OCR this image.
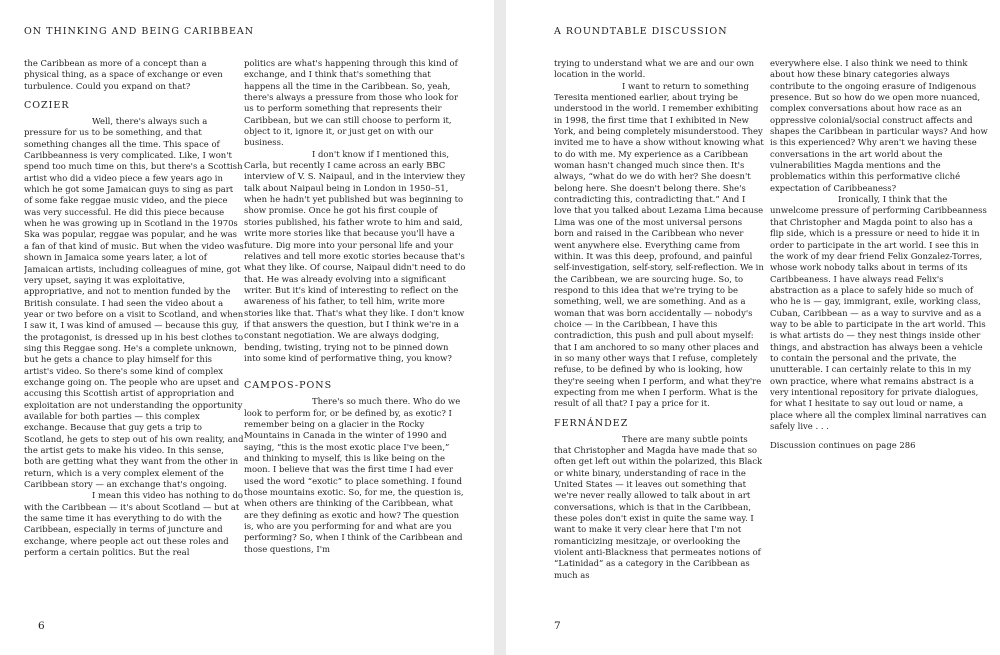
ON THINKING AND BEING CARIBBEAN

the Caribbean as more of a concept than a physical thing, as a space of exchange or even turbulence. Could you expand on that?

COZIER

Well, there's always such a pressure for us to be something, and that something changes all the time. This space of Caribbeanness is very complicated. Like, I won't spend too much time on this, but there's a Scottish artist who did a video piece a few years ago in which he got some Jamaican guys to sing as part of some fake reggae music video, and the piece was very successful. He did this piece because when he was growing up in Scotland in the 1970s Ska was popular, reggae was popular, and he was a fan of that kind of music. But when the video was shown in Jamaica some years later, a lot of Jamaican artists, including colleagues of mine, got very upset, saying it was exploitative, appropriative, and not to mention funded by the British consulate. I had seen the video about a year or two before on a visit to Scotland, and when I saw it, I was kind of amused — because this guy, the protagonist, is dressed up in his best clothes to sing this Reggae song. He's a complete unknown, but he gets a chance to play himself for this artist's video. So there's some kind of complex exchange going on. The people who are upset and accusing this Scottish artist of appropriation and exploitation are not understanding the opportunity available for both parties — this complex exchange. Because that guy gets a trip to Scotland, he gets to step out of his own reality, and the artist gets to make his video. In this sense, both are getting what they want from the other in return, which is a very complex element of the Caribbean story — an exchange that's ongoing.

I mean this video has nothing to do with the Caribbean — it's about Scotland — but at the same time it has everything to do with the Caribbean, especially in terms of juncture and exchange, where people act out these roles and perform a certain politics. But the real

politics are what's happening through this kind of exchange, and I think that's something that happens all the time in the Caribbean. So, yeah, there's always a pressure from those who look for us to perform something that represents their Caribbean, but we can still choose to perform it, object to it, ignore it, or just get on with our business.

I don't know if I mentioned this, Carla, but recently I came across an early BBC interview of V. S. Naipaul, and in the interview they talk about Naipaul being in London in 1950–51, when he hadn't yet published but was beginning to show promise. Once he got his first couple of stories published, his father wrote to him and said, write more stories like that because you'll have a future. Dig more into your personal life and your relatives and tell more exotic stories because that's what they like. Of course, Naipaul didn't need to do that. He was already evolving into a significant writer. But it's kind of interesting to reflect on the awareness of his father, to tell him, write more stories like that. That's what they like. I don't know if that answers the question, but I think we're in a constant negotiation. We are always dodging, bending, twisting, trying not to be pinned down into some kind of performative thing, you know?

CAMPOS-PONS

There's so much there. Who do we look to perform for, or be defined by, as exotic? I remember being on a glacier in the Rocky Mountains in Canada in the winter of 1990 and saying, “this is the most exotic place I've been,” and thinking to myself, this is like being on the moon. I believe that was the first time I had ever used the word “exotic” to place something. I found those mountains exotic. So, for me, the question is, when others are thinking of the Caribbean, what are they defining as exotic and how? The question is, who are you performing for and what are you performing? So, when I think of the Caribbean and those questions, I'm

6
A ROUNDTABLE DISCUSSION

trying to understand what we are and our own location in the world.

I want to return to something Teresita mentioned earlier, about trying be understood in the world. I remember exhibiting in 1998, the first time that I exhibited in New York, and being completely misunderstood. They invited me to have a show without knowing what to do with me. My experience as a Caribbean woman hasn't changed much since then. It's always, “what do we do with her? She doesn't belong here. She doesn't belong there. She's contradicting this, contradicting that.” And I love that you talked about Lezama Lima because Lima was one of the most universal persons born and raised in the Caribbean who never went anywhere else. Everything came from within. It was this deep, profound, and painful self-investigation, self-story, self-reflection. We in the Caribbean, we are sourcing huge. So, to respond to this idea that we're trying to be something, well, we are something. And as a woman that was born accidentally — nobody's choice — in the Caribbean, I have this contradiction, this push and pull about myself: that I am anchored to so many other places and in so many other ways that I refuse, completely refuse, to be defined by who is looking, how they're seeing when I perform, and what they're expecting from me when I perform. What is the result of all that? I pay a price for it.

FERNÁNDEZ

There are many subtle points that Christopher and Magda have made that so often get left out within the polarized, this Black or white binary, understanding of race in the United States — it leaves out something that we're never really allowed to talk about in art conversations, which is that in the Caribbean, these poles don't exist in quite the same way. I want to make it very clear here that I'm not romanticizing mesitzaje, or overlooking the violent anti-Blackness that permeates notions of “Latinidad” as a category in the Caribbean as much as

everywhere else. I also think we need to think about how these binary categories always contribute to the ongoing erasure of Indigenous presence. But so how do we open more nuanced, complex conversations about how race as an oppressive colonial/social construct affects and shapes the Caribbean in particular ways? And how is this experienced? Why aren't we having these conversations in the art world about the vulnerabilities Magda mentions and the problematics within this performative cliché expectation of Caribbeaness?

Ironically, I think that the unwelcome pressure of performing Caribbeanness that Christopher and Magda point to also has a flip side, which is a pressure or need to hide it in order to participate in the art world. I see this in the work of my dear friend Felix Gonzalez-Torres, whose work nobody talks about in terms of its Caribbeaness. I have always read Felix's abstraction as a place to safely hide so much of who he is — gay, immigrant, exile, working class, Cuban, Caribbean — as a way to survive and as a way to be able to participate in the art world. This is what artists do — they nest things inside other things, and abstraction has always been a vehicle to contain the personal and the private, the unutterable. I can certainly relate to this in my own practice, where what remains abstract is a very intentional repository for private dialogues, for what I hesitate to say out loud or name, a place where all the complex liminal narratives can safely live . . .

Discussion continues on page 286

7
